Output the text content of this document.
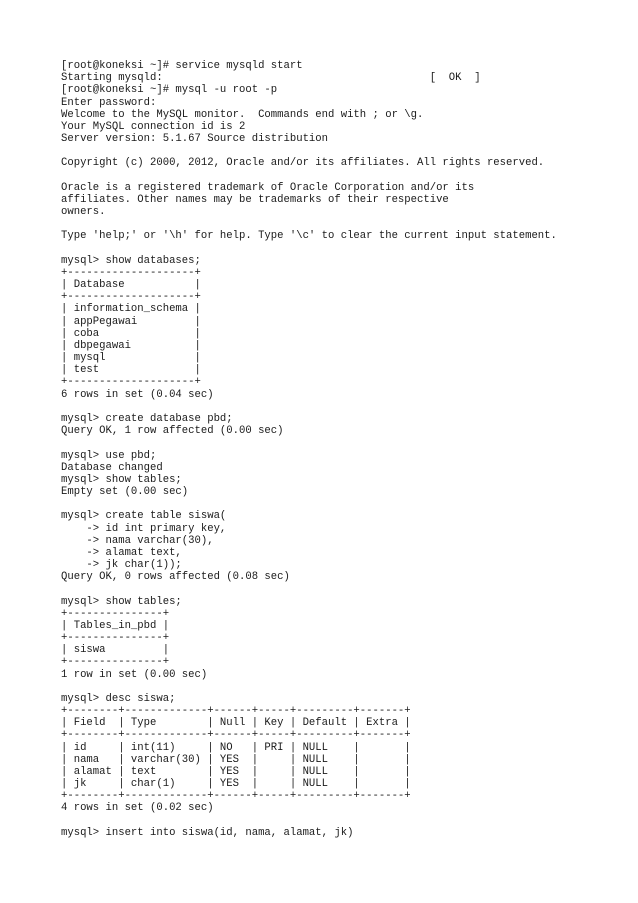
[root@koneksi ~]# service mysqld start
Starting mysqld:                                          [  OK  ]
[root@koneksi ~]# mysql -u root -p
Enter password:
Welcome to the MySQL monitor.  Commands end with ; or \g.
Your MySQL connection id is 2
Server version: 5.1.67 Source distribution
Copyright (c) 2000, 2012, Oracle and/or its affiliates. All rights reserved.
Oracle is a registered trademark of Oracle Corporation and/or its
affiliates. Other names may be trademarks of their respective
owners.
Type 'help;' or '\h' for help. Type '\c' to clear the current input statement.
mysql> show databases;
+--------------------+
| Database           |
+--------------------+
| information_schema |
| appPegawai         |
| coba               |
| dbpegawai          |
| mysql              |
| test               |
+--------------------+
6 rows in set (0.04 sec)
mysql> create database pbd;
Query OK, 1 row affected (0.00 sec)
mysql> use pbd;
Database changed
mysql> show tables;
Empty set (0.00 sec)
mysql> create table siswa(
-> id int primary key,
-> nama varchar(30),
-> alamat text,
-> jk char(1));
Query OK, 0 rows affected (0.08 sec)
mysql> show tables;
+---------------+
| Tables_in_pbd |
+---------------+
| siswa         |
+---------------+
1 row in set (0.00 sec)
mysql> desc siswa;
+--------+-------------+------+-----+---------+-------+
| Field  | Type        | Null | Key | Default | Extra |
+--------+-------------+------+-----+---------+-------+
| id     | int(11)     | NO   | PRI | NULL    |       |
| nama   | varchar(30) | YES  |     | NULL    |       |
| alamat | text        | YES  |     | NULL    |       |
| jk     | char(1)     | YES  |     | NULL    |       |
+--------+-------------+------+-----+---------+-------+
4 rows in set (0.02 sec)
mysql> insert into siswa(id, nama, alamat, jk)
